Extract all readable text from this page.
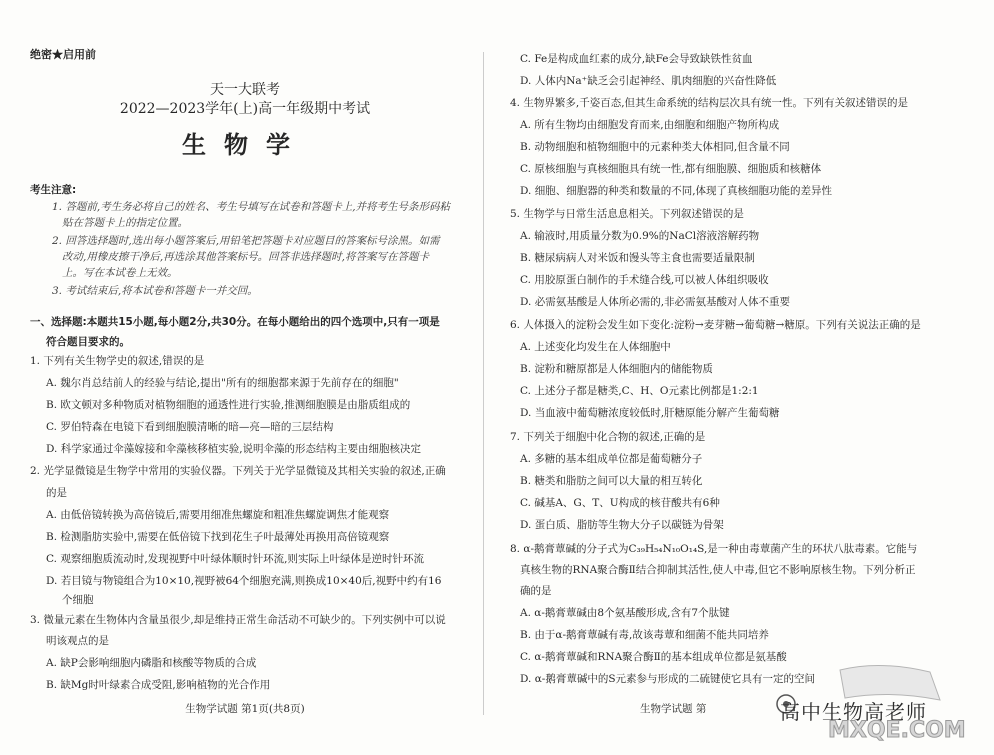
绝密★启用前
天一大联考
2022—2023学年(上)高一年级期中考试
生物学
考生注意:
1. 答题前,考生务必将自己的姓名、考生号填写在试卷和答题卡上,并将考生号条形码粘
贴在答题卡上的指定位置。
2. 回答选择题时,选出每小题答案后,用铅笔把答题卡对应题目的答案标号涂黑。如需
改动,用橡皮擦干净后,再选涂其他答案标号。回答非选择题时,将答案写在答题卡
上。写在本试卷上无效。
3. 考试结束后,将本试卷和答题卡一并交回。
一、选择题:本题共15小题,每小题2分,共30分。在每小题给出的四个选项中,只有一项是
符合题目要求的。
1. 下列有关生物学史的叙述,错误的是
A. 魏尔肖总结前人的经验与结论,提出"所有的细胞都来源于先前存在的细胞"
B. 欧文顿对多种物质对植物细胞的通透性进行实验,推测细胞膜是由脂质组成的
C. 罗伯特森在电镜下看到细胞膜清晰的暗—亮—暗的三层结构
D. 科学家通过伞藻嫁接和伞藻核移植实验,说明伞藻的形态结构主要由细胞核决定
2. 光学显微镜是生物学中常用的实验仪器。下列关于光学显微镜及其相关实验的叙述,正确
的是
A. 由低倍镜转换为高倍镜后,需要用细准焦螺旋和粗准焦螺旋调焦才能观察
B. 检测脂肪实验中,需要在低倍镜下找到花生子叶最薄处再换用高倍镜观察
C. 观察细胞质流动时,发现视野中叶绿体顺时针环流,则实际上叶绿体是逆时针环流
D. 若目镜与物镜组合为10×10,视野被64个细胞充满,则换成10×40后,视野中约有16
个细胞
3. 微量元素在生物体内含量虽很少,却是维持正常生命活动不可缺少的。下列实例中可以说
明该观点的是
A. 缺P会影响细胞内磷脂和核酸等物质的合成
B. 缺Mg时叶绿素合成受阻,影响植物的光合作用
生物学试题 第1页(共8页)
C. Fe是构成血红素的成分,缺Fe会导致缺铁性贫血
D. 人体内Na⁺缺乏会引起神经、肌肉细胞的兴奋性降低
4. 生物界繁多,千姿百态,但其生命系统的结构层次具有统一性。下列有关叙述错误的是
A. 所有生物均由细胞发育而来,由细胞和细胞产物所构成
B. 动物细胞和植物细胞中的元素种类大体相同,但含量不同
C. 原核细胞与真核细胞具有统一性,都有细胞膜、细胞质和核糖体
D. 细胞、细胞器的种类和数量的不同,体现了真核细胞功能的差异性
5. 生物学与日常生活息息相关。下列叙述错误的是
A. 输液时,用质量分数为0.9%的NaCl溶液溶解药物
B. 糖尿病病人对米饭和馒头等主食也需要适量限制
C. 用胶原蛋白制作的手术缝合线,可以被人体组织吸收
D. 必需氨基酸是人体所必需的,非必需氨基酸对人体不重要
6. 人体摄入的淀粉会发生如下变化:淀粉→麦芽糖→葡萄糖→糖原。下列有关说法正确的是
A. 上述变化均发生在人体细胞中
B. 淀粉和糖原都是人体细胞内的储能物质
C. 上述分子都是糖类,C、H、O元素比例都是1:2:1
D. 当血液中葡萄糖浓度较低时,肝糖原能分解产生葡萄糖
7. 下列关于细胞中化合物的叙述,正确的是
A. 多糖的基本组成单位都是葡萄糖分子
B. 糖类和脂肪之间可以大量的相互转化
C. 碱基A、G、T、U构成的核苷酸共有6种
D. 蛋白质、脂肪等生物大分子以碳链为骨架
8. α-鹅膏蕈碱的分子式为C₃₉H₅₄N₁₀O₁₄S,是一种由毒蕈菌产生的环状八肽毒素。它能与
真核生物的RNA聚合酶Ⅱ结合抑制其活性,使人中毒,但它不影响原核生物。下列分析正
确的是
A. α-鹅膏蕈碱由8个氨基酸形成,含有7个肽键
B. 由于α-鹅膏蕈碱有毒,故该毒蕈和细菌不能共同培养
C. α-鹅膏蕈碱和RNA聚合酶Ⅱ的基本组成单位都是氨基酸
D. α-鹅膏蕈碱中的S元素参与形成的二硫键使它具有一定的空间
生物学试题 第	高中生物高老师
MXQE.COM
